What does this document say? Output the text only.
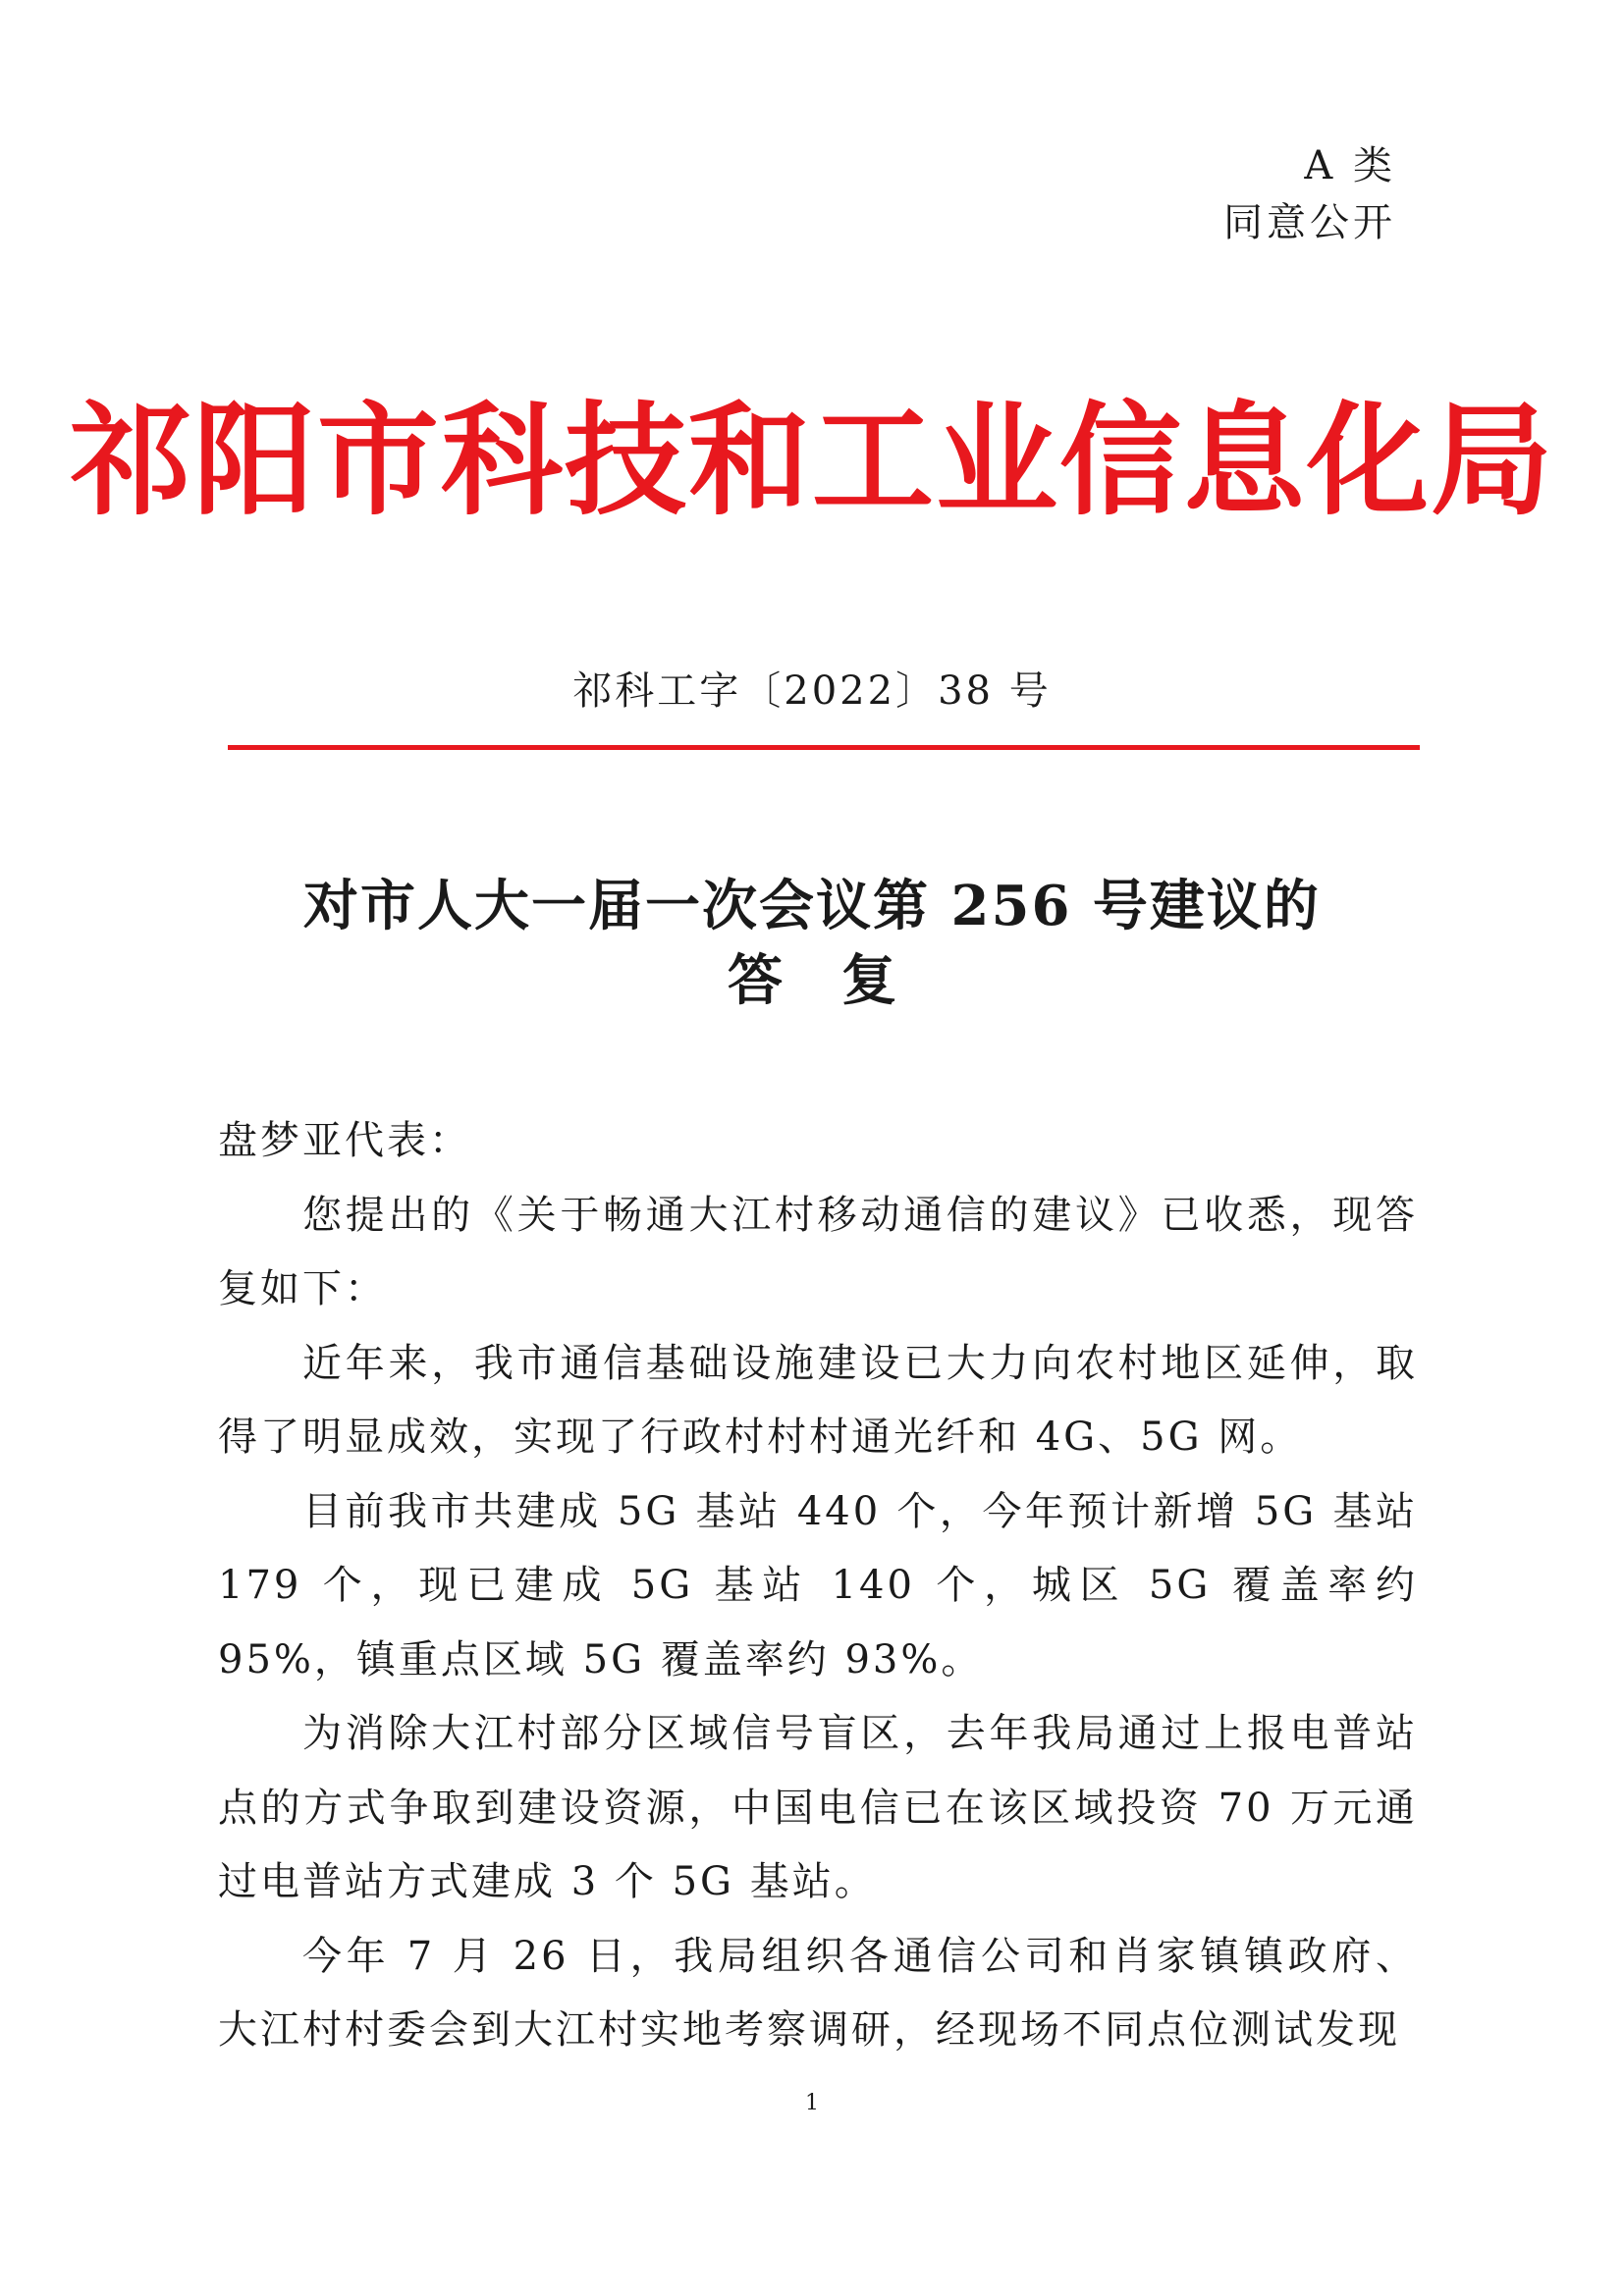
A 类
同意公开
祁阳市科技和工业信息化局
祁科工字〔2022〕38 号
对市人大一届一次会议第 256 号建议的
答复

盘梦亚代表：

您提出的《关于畅通大江村移动通信的建议》已收悉，现答复如下：

近年来，我市通信基础设施建设已大力向农村地区延伸，取得了明显成效，实现了行政村村村通光纤和 4G、5G 网。

目前我市共建成 5G 基站 440 个，今年预计新增 5G 基站 179 个，现已建成 5G 基站 140 个，城区 5G 覆盖率约 95%，镇重点区域 5G 覆盖率约 93%。

为消除大江村部分区域信号盲区，去年我局通过上报电普站点的方式争取到建设资源，中国电信已在该区域投资 70 万元通过电普站方式建成 3 个 5G 基站。

今年 7 月 26 日，我局组织各通信公司和肖家镇镇政府、大江村村委会到大江村实地考察调研，经现场不同点位测试发现

1
